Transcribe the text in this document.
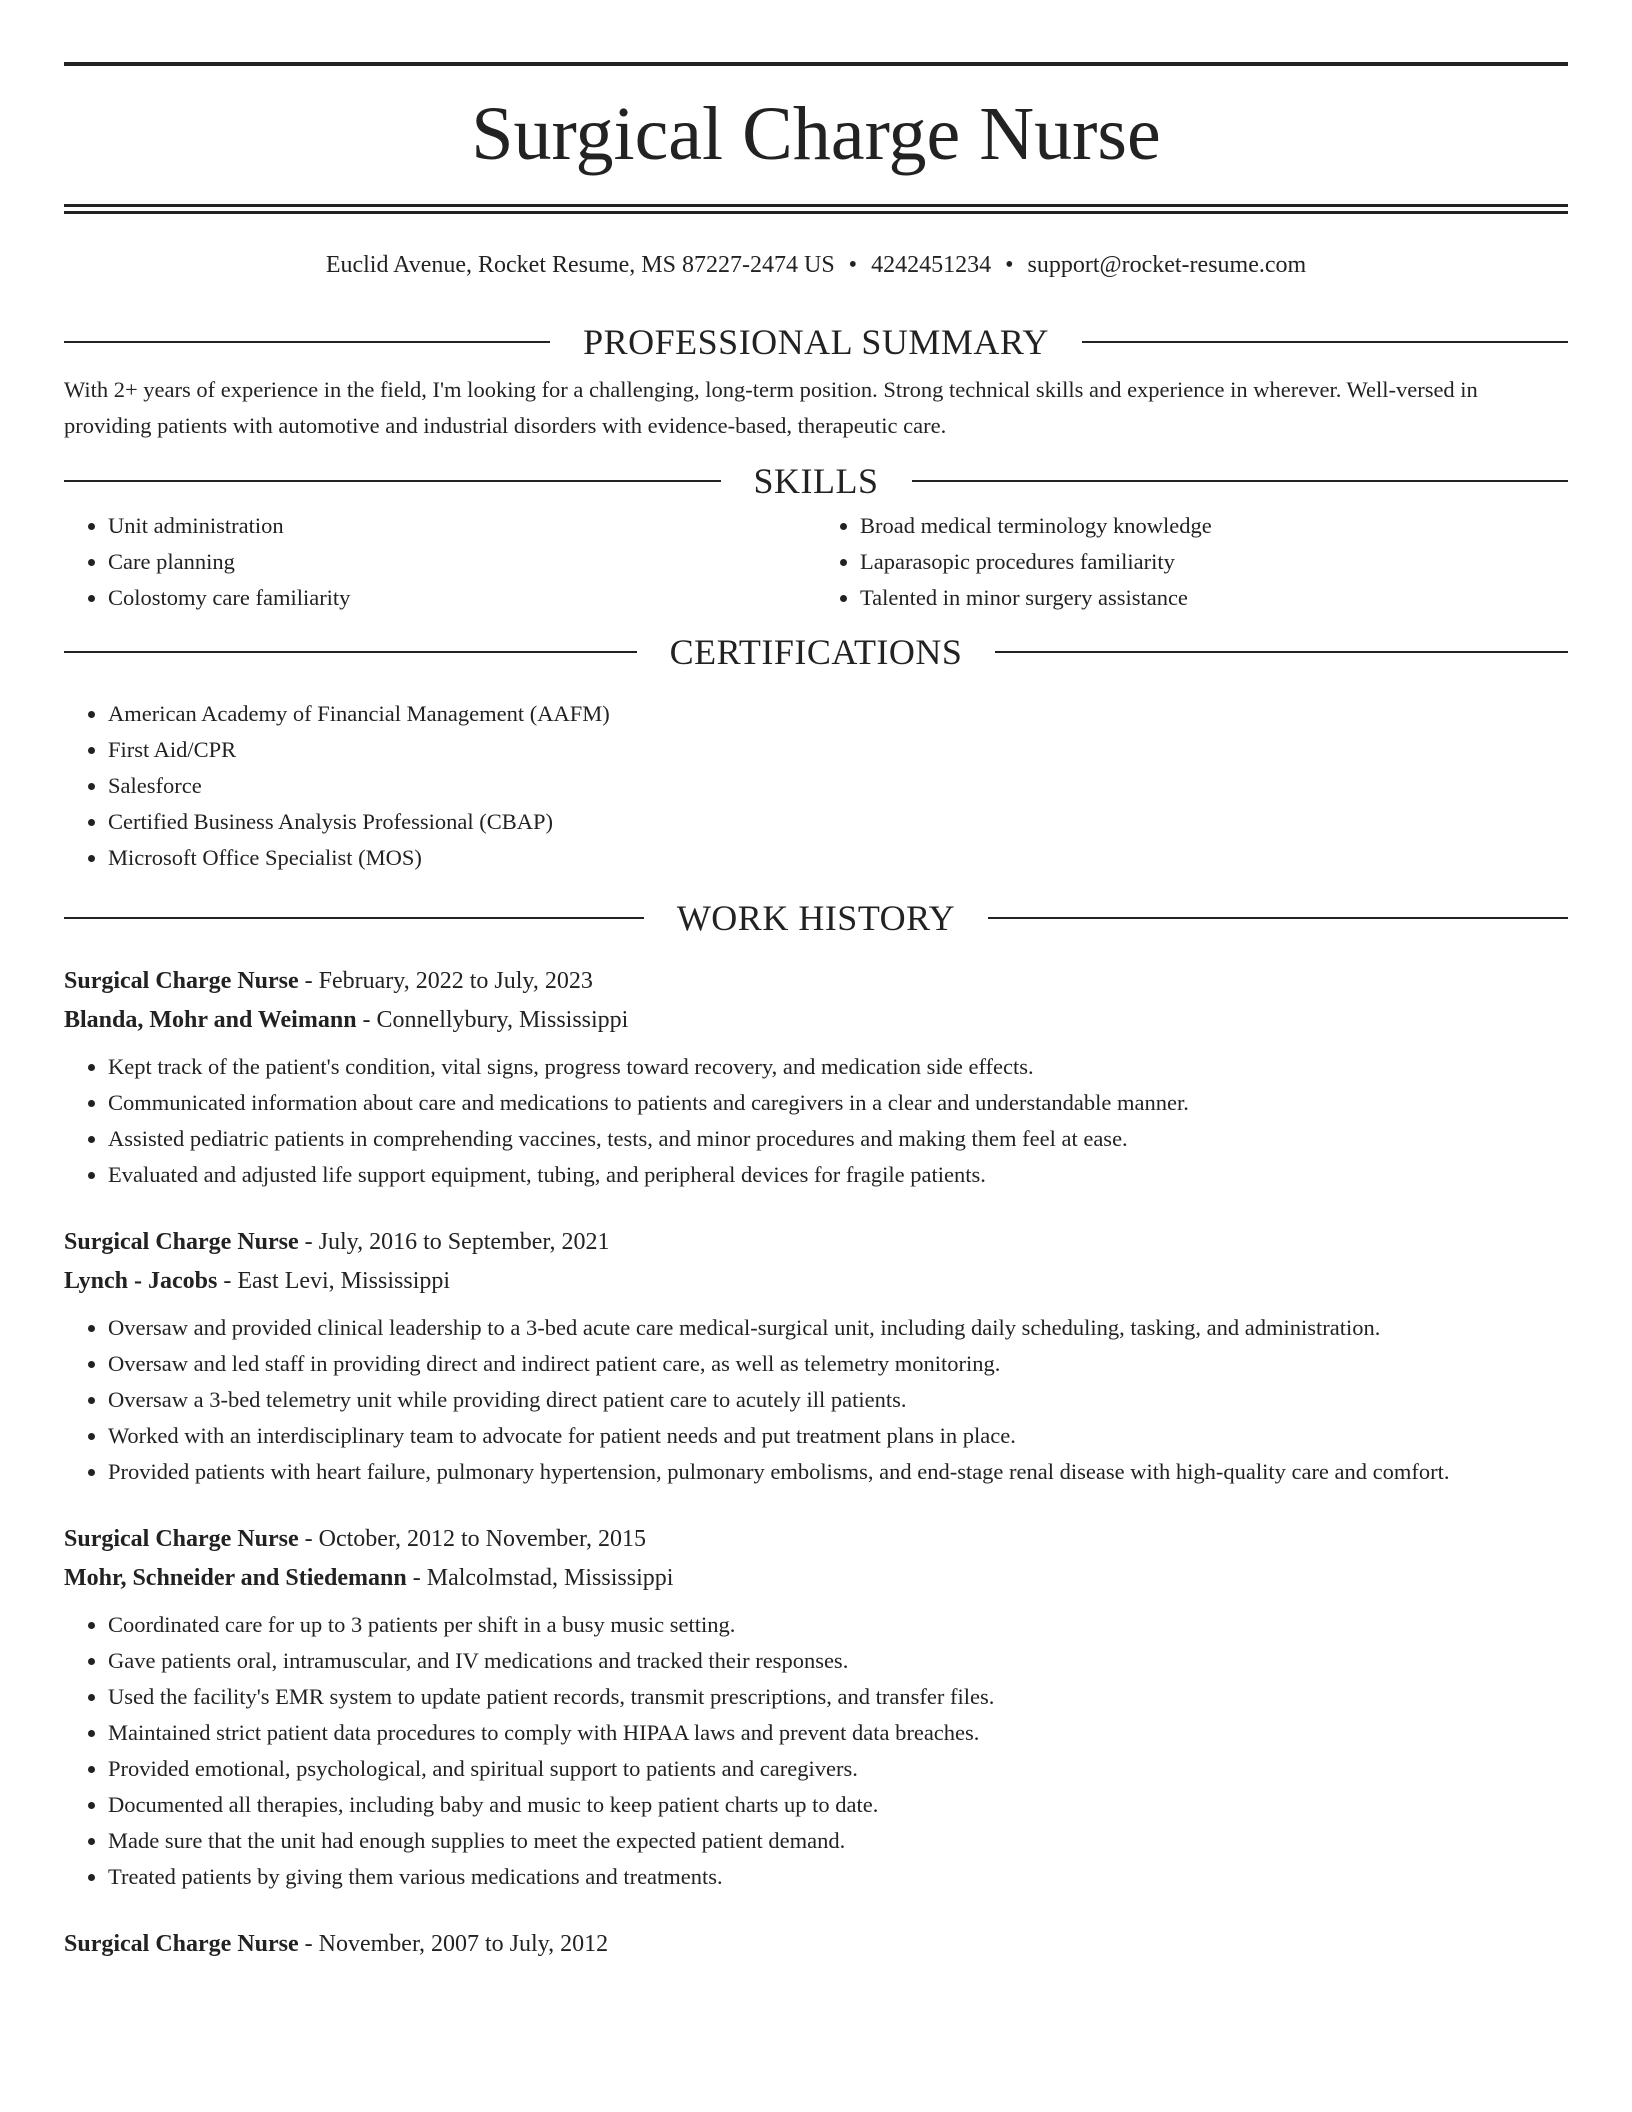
Surgical Charge Nurse
Euclid Avenue, Rocket Resume, MS 87227-2474 US • 4242451234 • support@rocket-resume.com
PROFESSIONAL SUMMARY

With 2+ years of experience in the field, I'm looking for a challenging, long-term position. Strong technical skills and experience in wherever. Well-versed in providing patients with automotive and industrial disorders with evidence-based, therapeutic care.

SKILLS
• Unit administration
• Care planning
• Colostomy care familiarity
• Broad medical terminology knowledge
• Laparasopic procedures familiarity
• Talented in minor surgery assistance
CERTIFICATIONS
• American Academy of Financial Management (AAFM)
• First Aid/CPR
• Salesforce
• Certified Business Analysis Professional (CBAP)
• Microsoft Office Specialist (MOS)
WORK HISTORY
Surgical Charge Nurse - February, 2022 to July, 2023
Blanda, Mohr and Weimann - Connellybury, Mississippi
• Kept track of the patient's condition, vital signs, progress toward recovery, and medication side effects.
• Communicated information about care and medications to patients and caregivers in a clear and understandable manner.
• Assisted pediatric patients in comprehending vaccines, tests, and minor procedures and making them feel at ease.
• Evaluated and adjusted life support equipment, tubing, and peripheral devices for fragile patients.
Surgical Charge Nurse - July, 2016 to September, 2021
Lynch - Jacobs - East Levi, Mississippi
• Oversaw and provided clinical leadership to a 3-bed acute care medical-surgical unit, including daily scheduling, tasking, and administration.
• Oversaw and led staff in providing direct and indirect patient care, as well as telemetry monitoring.
• Oversaw a 3-bed telemetry unit while providing direct patient care to acutely ill patients.
• Worked with an interdisciplinary team to advocate for patient needs and put treatment plans in place.
• Provided patients with heart failure, pulmonary hypertension, pulmonary embolisms, and end-stage renal disease with high-quality care and comfort.
Surgical Charge Nurse - October, 2012 to November, 2015
Mohr, Schneider and Stiedemann - Malcolmstad, Mississippi
• Coordinated care for up to 3 patients per shift in a busy music setting.
• Gave patients oral, intramuscular, and IV medications and tracked their responses.
• Used the facility's EMR system to update patient records, transmit prescriptions, and transfer files.
• Maintained strict patient data procedures to comply with HIPAA laws and prevent data breaches.
• Provided emotional, psychological, and spiritual support to patients and caregivers.
• Documented all therapies, including baby and music to keep patient charts up to date.
• Made sure that the unit had enough supplies to meet the expected patient demand.
• Treated patients by giving them various medications and treatments.
Surgical Charge Nurse - November, 2007 to July, 2012
